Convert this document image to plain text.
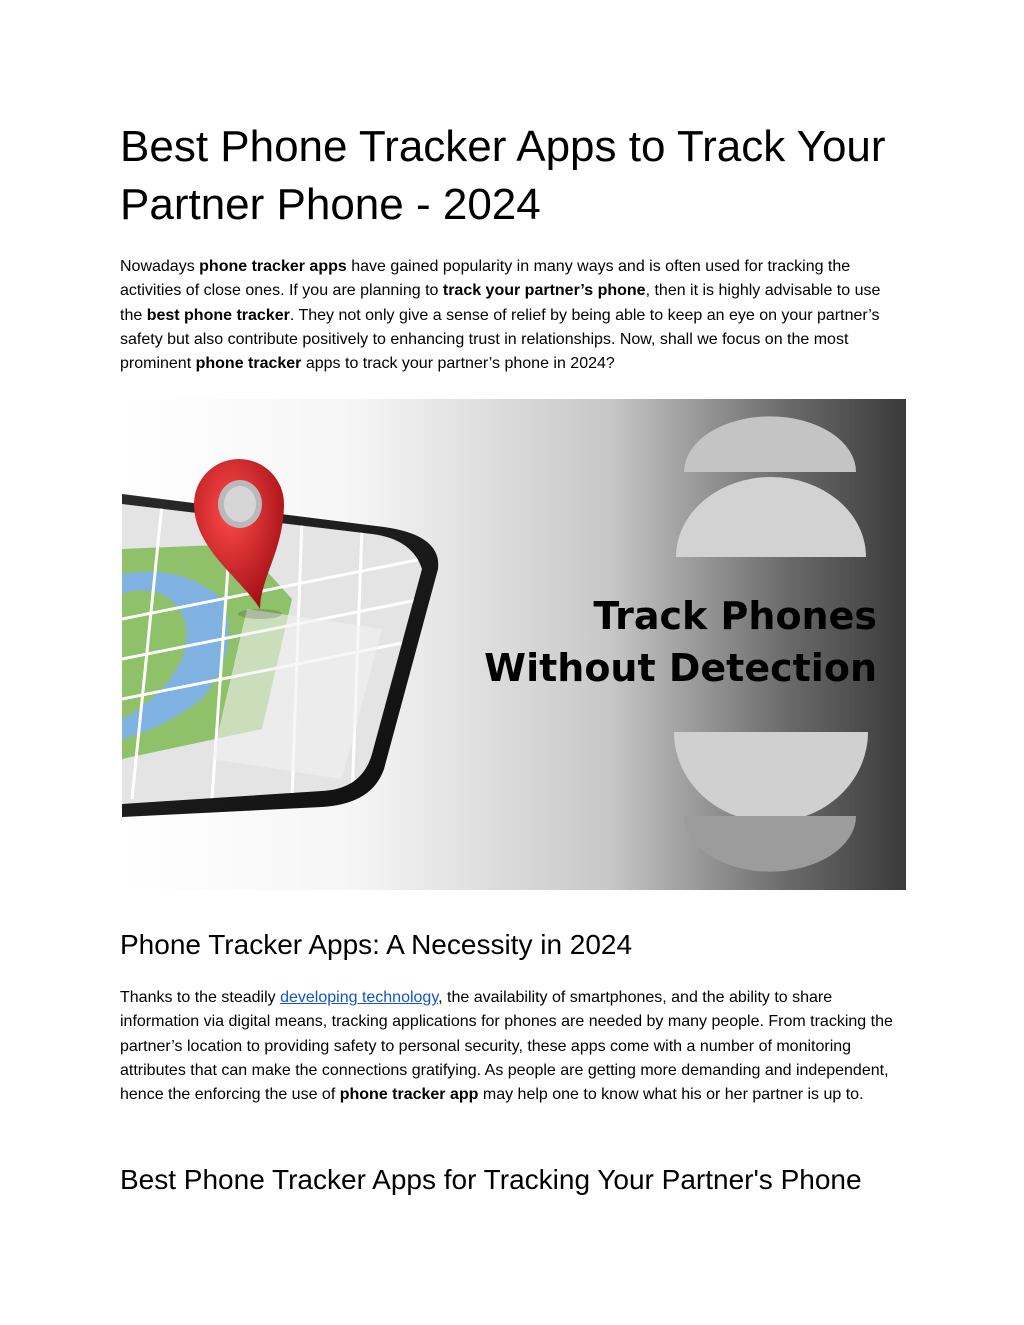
Best Phone Tracker Apps to Track Your Partner Phone - 2024

Nowadays phone tracker apps have gained popularity in many ways and is often used for tracking the activities of close ones. If you are planning to track your partner’s phone, then it is highly advisable to use the best phone tracker. They not only give a sense of relief by being able to keep an eye on your partner’s safety but also contribute positively to enhancing trust in relationships. Now, shall we focus on the most prominent phone tracker apps to track your partner’s phone in 2024?

Track Phones
Without Detection
Phone Tracker Apps: A Necessity in 2024

Thanks to the steadily developing technology, the availability of smartphones, and the ability to share information via digital means, tracking applications for phones are needed by many people. From tracking the partner’s location to providing safety to personal security, these apps come with a number of monitoring attributes that can make the connections gratifying. As people are getting more demanding and independent, hence the enforcing the use of phone tracker app may help one to know what his or her partner is up to.

Best Phone Tracker Apps for Tracking Your Partner's Phone
